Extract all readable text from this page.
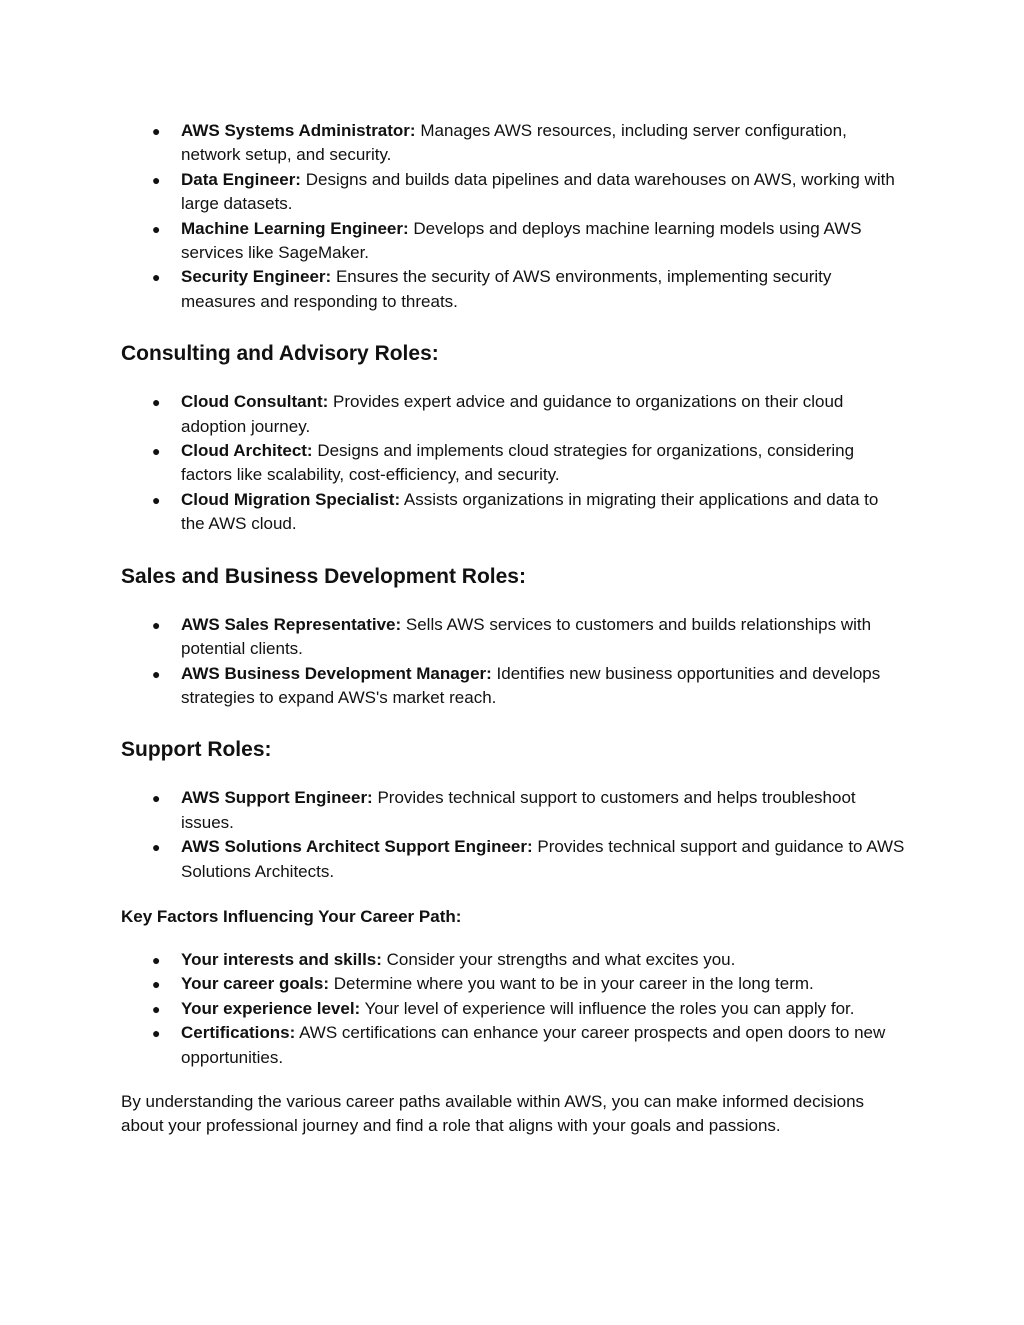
● AWS Systems Administrator: Manages AWS resources, including server configuration, network setup, and security.
● Data Engineer: Designs and builds data pipelines and data warehouses on AWS, working with large datasets.
● Machine Learning Engineer: Develops and deploys machine learning models using AWS services like SageMaker.
● Security Engineer: Ensures the security of AWS environments, implementing security measures and responding to threats.
Consulting and Advisory Roles:
● Cloud Consultant: Provides expert advice and guidance to organizations on their cloud adoption journey.
● Cloud Architect: Designs and implements cloud strategies for organizations, considering factors like scalability, cost-efficiency, and security.
● Cloud Migration Specialist: Assists organizations in migrating their applications and data to the AWS cloud.
Sales and Business Development Roles:
● AWS Sales Representative: Sells AWS services to customers and builds relationships with potential clients.
● AWS Business Development Manager: Identifies new business opportunities and develops strategies to expand AWS's market reach.
Support Roles:
● AWS Support Engineer: Provides technical support to customers and helps troubleshoot issues.
● AWS Solutions Architect Support Engineer: Provides technical support and guidance to AWS Solutions Architects.
Key Factors Influencing Your Career Path:
● Your interests and skills: Consider your strengths and what excites you.
● Your career goals: Determine where you want to be in your career in the long term.
● Your experience level: Your level of experience will influence the roles you can apply for.
● Certifications: AWS certifications can enhance your career prospects and open doors to new opportunities.

By understanding the various career paths available within AWS, you can make informed decisions about your professional journey and find a role that aligns with your goals and passions.
